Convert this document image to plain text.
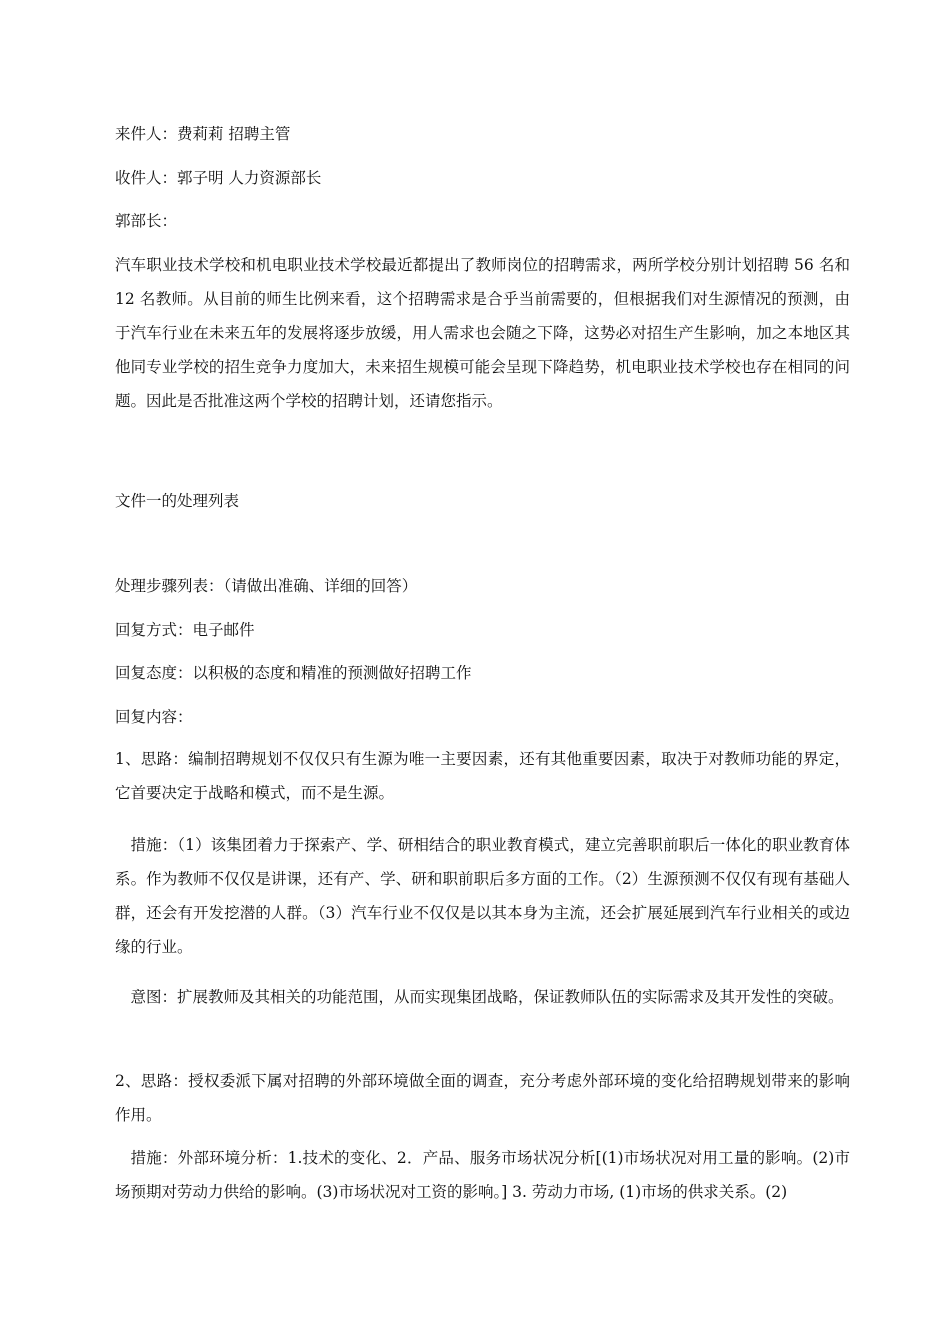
来件人：费莉莉 招聘主管
收件人：郭子明 人力资源部长
郭部长：

汽车职业技术学校和机电职业技术学校最近都提出了教师岗位的招聘需求，两所学校分别计划招聘 56 名和 12 名教师。从目前的师生比例来看，这个招聘需求是合乎当前需要的，但根据我们对生源情况的预测，由于汽车行业在未来五年的发展将逐步放缓，用人需求也会随之下降，这势必对招生产生影响，加之本地区其他同专业学校的招生竞争力度加大，未来招生规模可能会呈现下降趋势，机电职业技术学校也存在相同的问题。因此是否批准这两个学校的招聘计划，还请您指示。

文件一的处理列表
处理步骤列表：（请做出准确、详细的回答）
回复方式：电子邮件
回复态度：以积极的态度和精准的预测做好招聘工作
回复内容：

1、思路：编制招聘规划不仅仅只有生源为唯一主要因素，还有其他重要因素，取决于对教师功能的界定，它首要决定于战略和模式，而不是生源。

措施：（1）该集团着力于探索产、学、研相结合的职业教育模式，建立完善职前职后一体化的职业教育体系。作为教师不仅仅是讲课，还有产、学、研和职前职后多方面的工作。（2）生源预测不仅仅有现有基础人群，还会有开发挖潜的人群。（3）汽车行业不仅仅是以其本身为主流，还会扩展延展到汽车行业相关的或边缘的行业。

意图：扩展教师及其相关的功能范围，从而实现集团战略，保证教师队伍的实际需求及其开发性的突破。

2、思路：授权委派下属对招聘的外部环境做全面的调查，充分考虑外部环境的变化给招聘规划带来的影响作用。

措施：外部环境分析：1.技术的变化、2．产品、服务市场状况分析[(1)市场状况对用工量的影响。(2)市场预期对劳动力供给的影响。(3)市场状况对工资的影响。] 3. 劳动力市场, (1)市场的供求关系。(2)
